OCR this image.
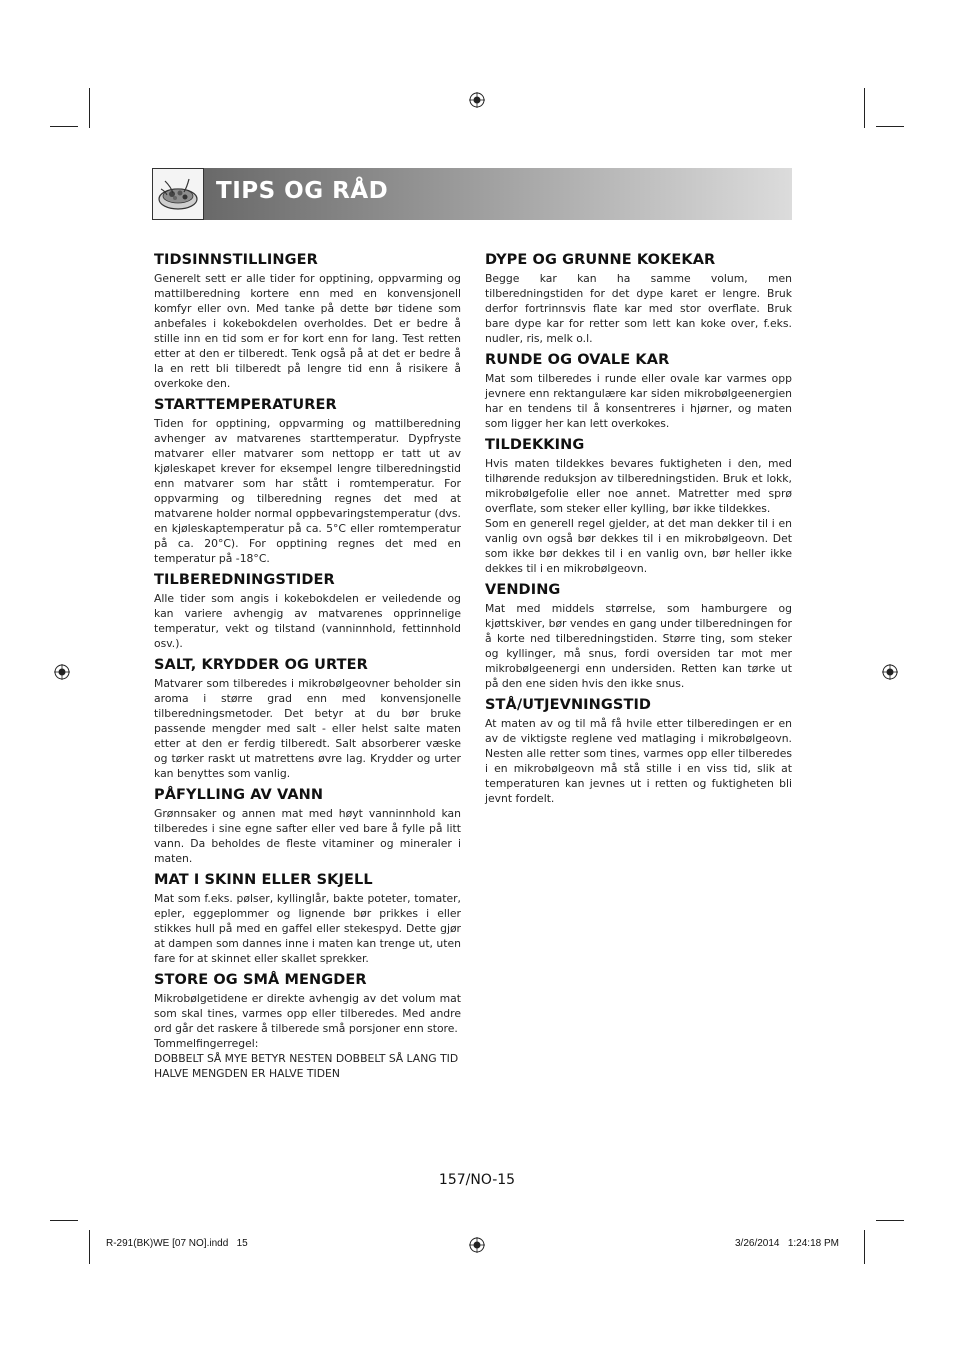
TIPS OG RÅD
TIDSINNSTILLINGER

Generelt sett er alle tider for opptining, oppvarming og mattilberedning kortere enn med en konvensjonell komfyr eller ovn. Med tanke på dette bør tidene som anbefales i kokebokdelen overholdes. Det er bedre å stille inn en tid som er for kort enn for lang. Test retten etter at den er tilberedt. Tenk også på at det er bedre å la en rett bli tilberedt på lengre tid enn å risikere å overkoke den.

STARTTEMPERATURER

Tiden for opptining, oppvarming og mattilberedning avhenger av matvarenes starttemperatur. Dypfryste matvarer eller matvarer som nettopp er tatt ut av kjøleskapet krever for eksempel lengre tilberedningstid enn matvarer som har stått i romtemperatur. For oppvarming og tilberedning regnes det med at matvarene holder normal oppbevaringstemperatur (dvs. en kjøleskaptemperatur på ca. 5°C eller romtemperatur på ca. 20°C). For opptining regnes det med en temperatur på -18°C.

TILBEREDNINGSTIDER

Alle tider som angis i kokebokdelen er veiledende og kan variere avhengig av matvarenes opprinnelige temperatur, vekt og tilstand (vanninnhold, fettinnhold osv.).

SALT, KRYDDER OG URTER

Matvarer som tilberedes i mikrobølgeovner beholder sin aroma i større grad enn med konvensjonelle tilberedningsmetoder. Det betyr at du bør bruke passende mengder med salt - eller helst salte maten etter at den er ferdig tilberedt. Salt absorberer væske og tørker raskt ut matrettens øvre lag. Krydder og urter kan benyttes som vanlig.

PÅFYLLING AV VANN

Grønnsaker og annen mat med høyt vanninnhold kan tilberedes i sine egne safter eller ved bare å fylle på litt vann. Da beholdes de fleste vitaminer og mineraler i maten.

MAT I SKINN ELLER SKJELL

Mat som f.eks. pølser, kyllinglår, bakte poteter, tomater, epler, eggeplommer og lignende bør prikkes i eller stikkes hull på med en gaffel eller stekespyd. Dette gjør at dampen som dannes inne i maten kan trenge ut, uten fare for at skinnet eller skallet sprekker.

STORE OG SMÅ MENGDER

Mikrobølgetidene er direkte avhengig av det volum mat som skal tines, varmes opp eller tilberedes. Med andre ord går det raskere å tilberede små porsjoner enn store.

Tommelfingerregel:

DOBBELT SÅ MYE BETYR NESTEN DOBBELT SÅ LANG TID HALVE MENGDEN ER HALVE TIDEN

DYPE OG GRUNNE KOKEKAR

Begge kar kan ha samme volum, men tilberedningstiden for det dype karet er lengre. Bruk derfor fortrinnsvis flate kar med stor overflate. Bruk bare dype kar for retter som lett kan koke over, f.eks. nudler, ris, melk o.l.

RUNDE OG OVALE KAR

Mat som tilberedes i runde eller ovale kar varmes opp jevnere enn rektangulære kar siden mikrobølgeenergien har en tendens til å konsentreres i hjørner, og maten som ligger her kan lett overkokes.

TILDEKKING

Hvis maten tildekkes bevares fuktigheten i den, med tilhørende reduksjon av tilberedningstiden. Bruk et lokk, mikrobølgefolie eller noe annet. Matretter med sprø overflate, som steker eller kylling, bør ikke tildekkes.

Som en generell regel gjelder, at det man dekker til i en vanlig ovn også bør dekkes til i en mikrobølgeovn. Det som ikke bør dekkes til i en vanlig ovn, bør heller ikke dekkes til i en mikrobølgeovn.

VENDING

Mat med middels størrelse, som hamburgere og kjøttskiver, bør vendes en gang under tilberedningen for å korte ned tilberedningstiden. Større ting, som steker og kyllinger, må snus, fordi oversiden tar mot mer mikrobølgeenergi enn undersiden. Retten kan tørke ut på den ene siden hvis den ikke snus.

STÅ/UTJEVNINGSTID

At maten av og til må få hvile etter tilberedingen er en av de viktigste reglene ved matlaging i mikrobølgeovn. Nesten alle retter som tines, varmes opp eller tilberedes i en mikrobølgeovn må stå stille i en viss tid, slik at temperaturen kan jevnes ut i retten og fuktigheten bli jevnt fordelt.

157/NO-15
R-291(BK)WE [07 NO].indd   15	3/26/2014   1:24:18 PM
